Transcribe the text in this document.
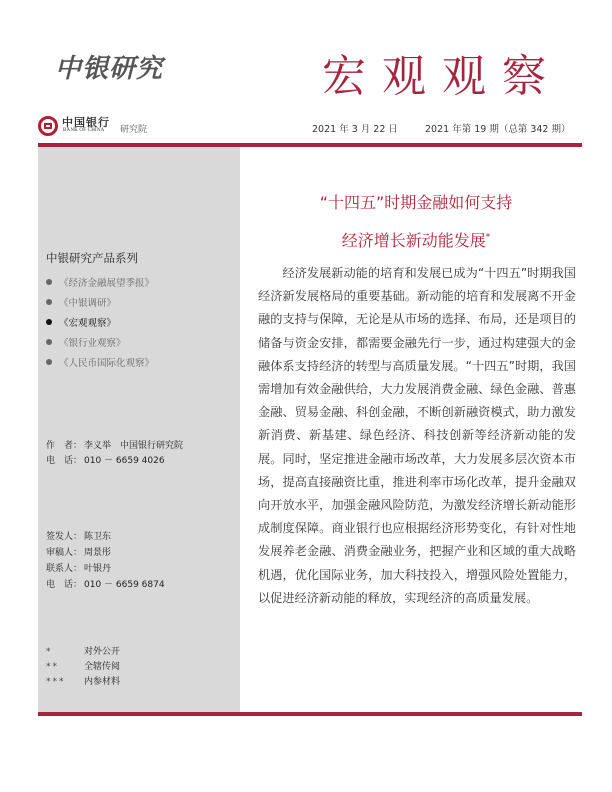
中银研究	宏观观察
中国银行
BANK OF CHINA 研究院	2021 年 3 月 22 日	2021 年第 19 期（总第 342 期）
中银研究产品系列
《经济金融展望季报》
《中银调研》
《宏观观察》
《银行业观察》
《人民币国际化观察》
作　者： 李义举　中国银行研究院
电　话： 010 － 6659 4026
签发人： 陈卫东
审稿人： 周景彤
联系人： 叶银丹
电　话： 010 － 6659 6874
*	对外公开
**	全辖传阅
*** 内参材料
“十四五”时期金融如何支持
经济增长新动能发展*

经济发展新动能的培育和发展已成为“十四五”时期我国经济新发展格局的重要基础。新动能的培育和发展离不开金融的支持与保障，无论是从市场的选择、布局，还是项目的储备与资金安排，都需要金融先行一步，通过构建强大的金融体系支持经济的转型与高质量发展。“十四五”时期，我国需增加有效金融供给，大力发展消费金融、绿色金融、普惠金融、贸易金融、科创金融，不断创新融资模式，助力激发新消费、新基建、绿色经济、科技创新等经济新动能的发展。同时，坚定推进金融市场改革，大力发展多层次资本市场，提高直接融资比重，推进利率市场化改革，提升金融双向开放水平，加强金融风险防范，为激发经济增长新动能形成制度保障。商业银行也应根据经济形势变化，有针对性地发展养老金融、消费金融业务，把握产业和区域的重大战略机遇，优化国际业务，加大科技投入，增强风险处置能力，以促进经济新动能的释放，实现经济的高质量发展。
